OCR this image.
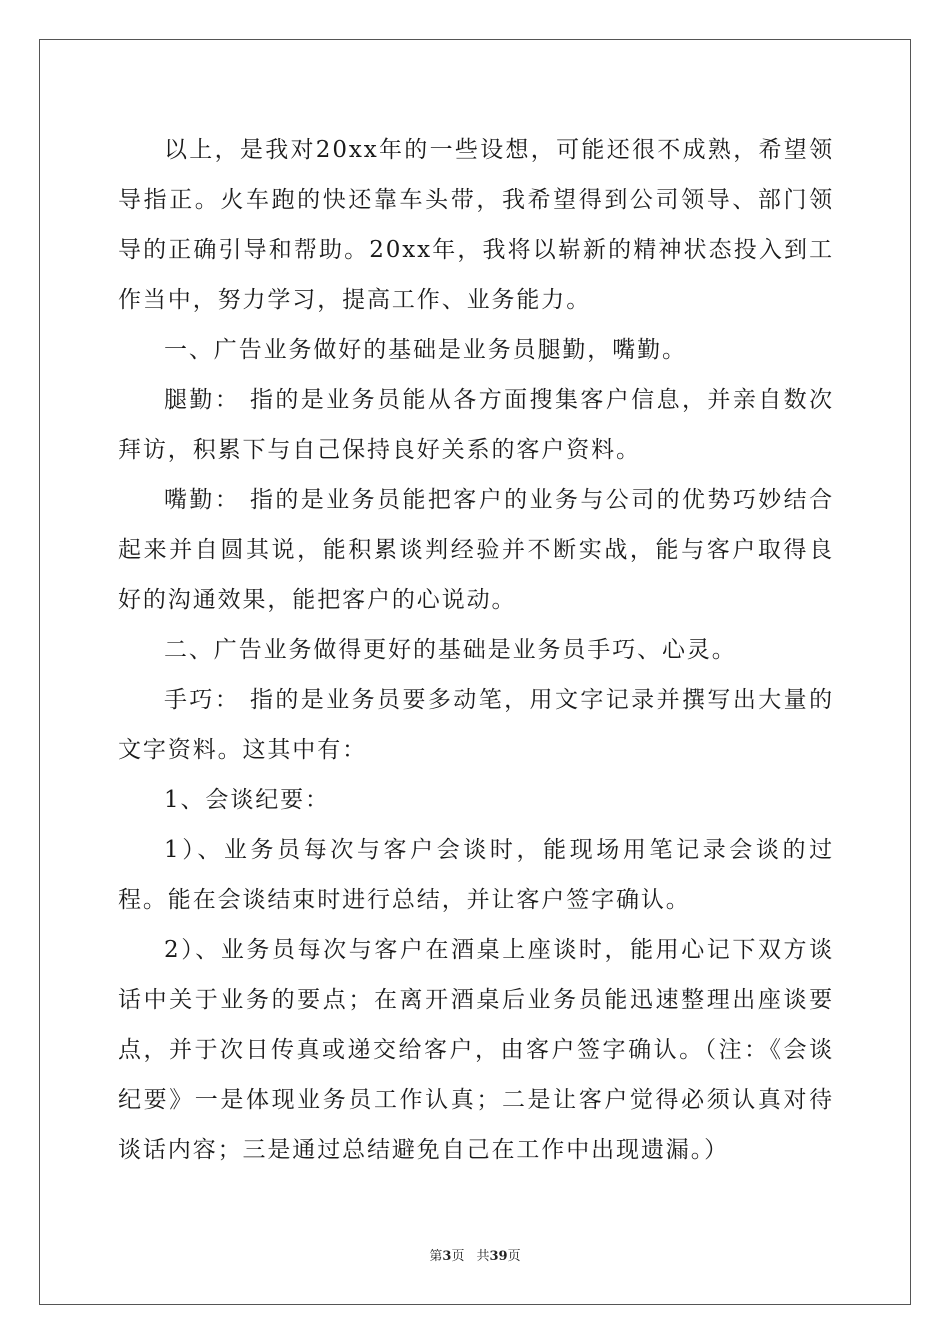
以上，是我对20xx年的一些设想，可能还很不成熟，希望领导指正。火车跑的快还靠车头带，我希望得到公司领导、部门领导的正确引导和帮助。20xx年，我将以崭新的精神状态投入到工作当中，努力学习，提高工作、业务能力。

一、广告业务做好的基础是业务员腿勤，嘴勤。

腿勤： 指的是业务员能从各方面搜集客户信息，并亲自数次拜访，积累下与自己保持良好关系的客户资料。

嘴勤： 指的是业务员能把客户的业务与公司的优势巧妙结合起来并自圆其说，能积累谈判经验并不断实战，能与客户取得良好的沟通效果，能把客户的心说动。

二、广告业务做得更好的基础是业务员手巧、心灵。

手巧： 指的是业务员要多动笔，用文字记录并撰写出大量的文字资料。这其中有：

1、会谈纪要：

1）、业务员每次与客户会谈时，能现场用笔记录会谈的过程。能在会谈结束时进行总结，并让客户签字确认。

2）、业务员每次与客户在酒桌上座谈时，能用心记下双方谈话中关于业务的要点；在离开酒桌后业务员能迅速整理出座谈要点，并于次日传真或递交给客户，由客户签字确认。（注：《会谈纪要》一是体现业务员工作认真；二是让客户觉得必须认真对待谈话内容；三是通过总结避免自己在工作中出现遗漏。）

第3页 共39页
